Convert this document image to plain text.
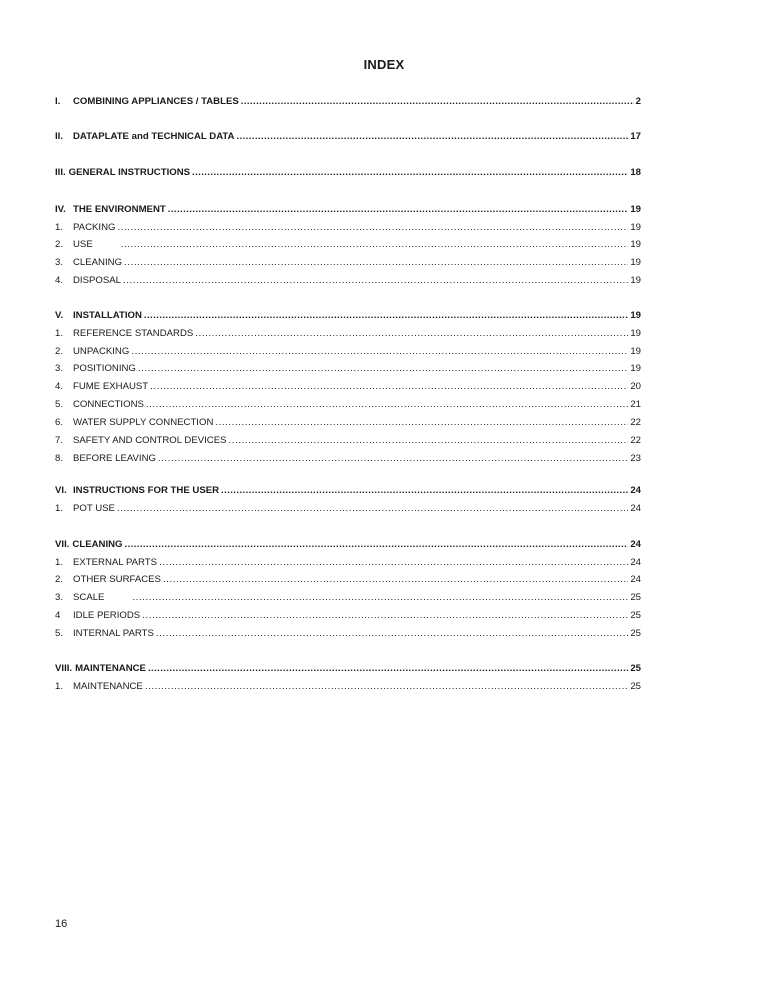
INDEX
I.	COMBINING APPLIANCES / TABLES .....	2
II.	DATAPLATE and TECHNICAL DATA .....	17
III. GENERAL INSTRUCTIONS .....	18
IV. THE ENVIRONMENT .....	19
1.	PACKING .....	19
2.	USE .....	19
3.	CLEANING .....	19
4.	DISPOSAL .....	19
V.	INSTALLATION .....	19
1.	REFERENCE STANDARDS .....	19
2.	UNPACKING .....	19
3.	POSITIONING .....	19
4.	FUME EXHAUST .....	20
5.	CONNECTIONS .....	21
6.	WATER SUPPLY CONNECTION .....	22
7.	SAFETY AND CONTROL DEVICES .....	22
8.	BEFORE LEAVING .....	23
VI. INSTRUCTIONS FOR THE USER .....	24
1.	POT USE .....	24
VII. CLEANING .....	24
1.	EXTERNAL PARTS .....	24
2.	OTHER SURFACES .....	24
3.	SCALE .....	25
4	IDLE PERIODS .....	25
5.	INTERNAL PARTS .....	25
VIII. MAINTENANCE .....	25
1.	MAINTENANCE .....	25
16
